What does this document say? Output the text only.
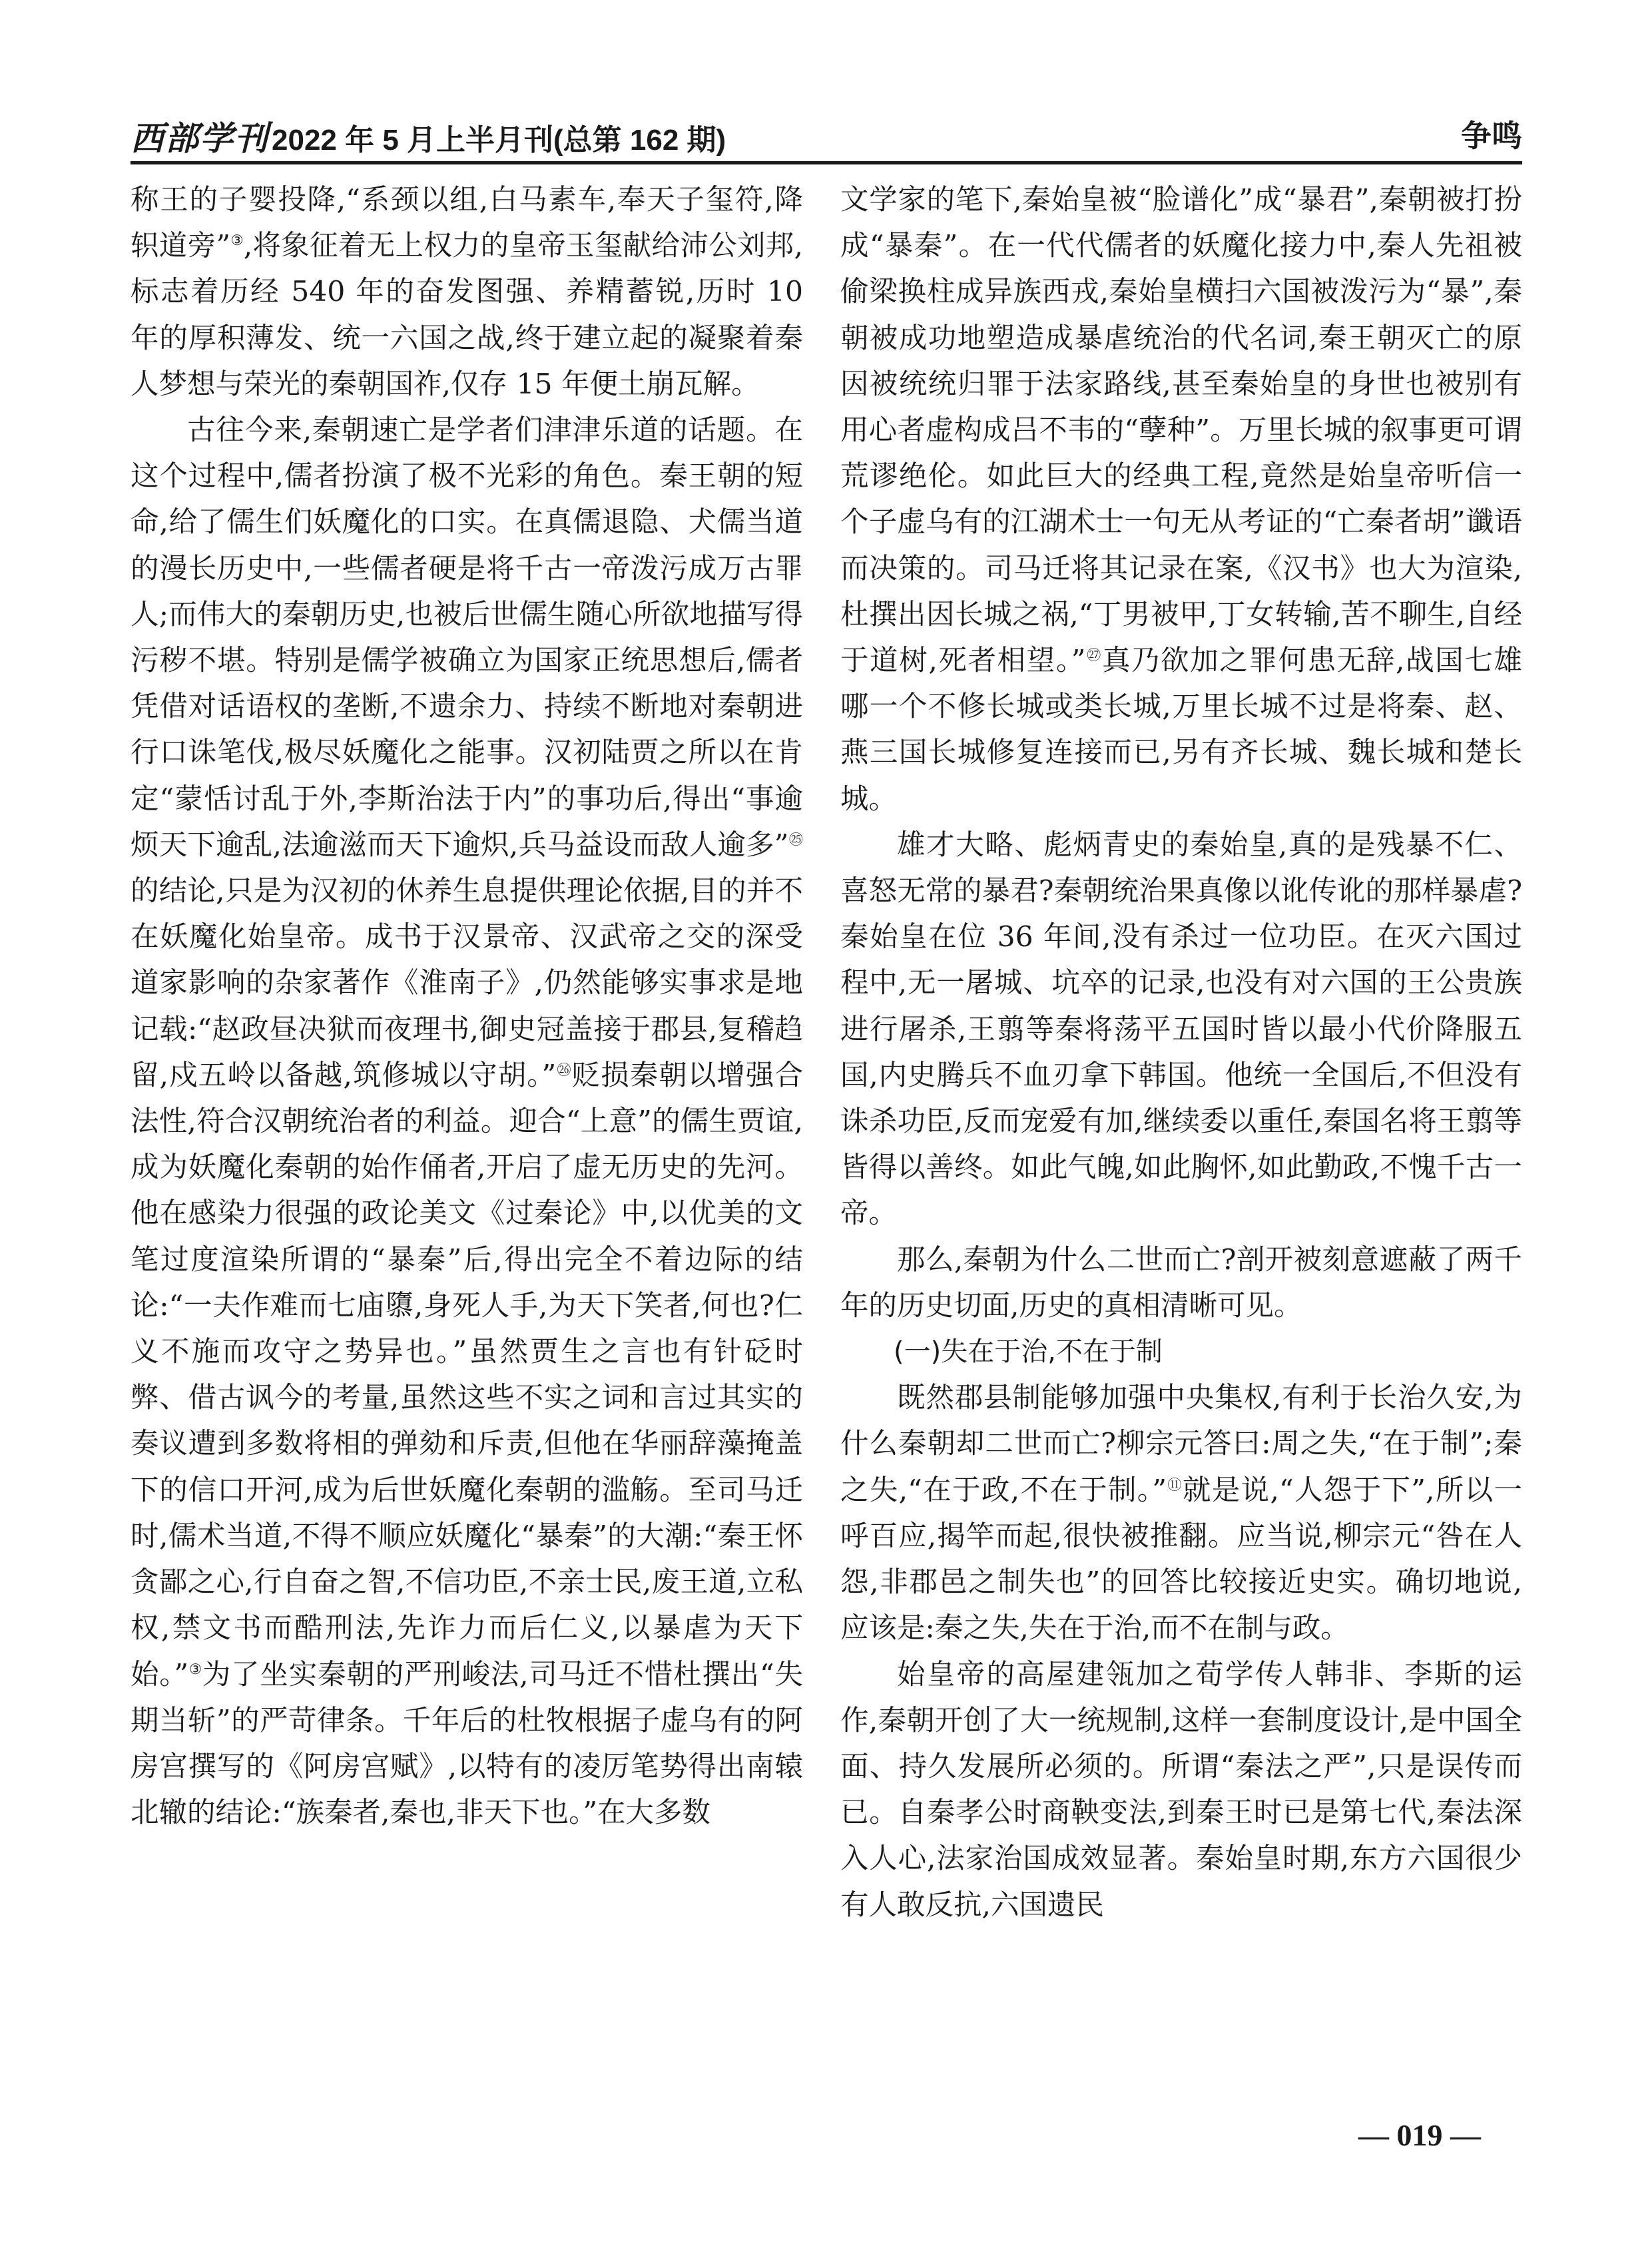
西部学刊 2022 年 5 月上半月刊(总第 162 期)	争鸣

称王的子婴投降,“系颈以组,白马素车,奉天子玺符,降轵道旁”③,将象征着无上权力的皇帝玉玺献给沛公刘邦,标志着历经 540 年的奋发图强、养精蓄锐,历时 10 年的厚积薄发、统一六国之战,终于建立起的凝聚着秦人梦想与荣光的秦朝国祚,仅存 15 年便土崩瓦解。

古往今来,秦朝速亡是学者们津津乐道的话题。在这个过程中,儒者扮演了极不光彩的角色。秦王朝的短命,给了儒生们妖魔化的口实。在真儒退隐、犬儒当道的漫长历史中,一些儒者硬是将千古一帝泼污成万古罪人;而伟大的秦朝历史,也被后世儒生随心所欲地描写得污秽不堪。特别是儒学被确立为国家正统思想后,儒者凭借对话语权的垄断,不遗余力、持续不断地对秦朝进行口诛笔伐,极尽妖魔化之能事。汉初陆贾之所以在肯定“蒙恬讨乱于外,李斯治法于内”的事功后,得出“事逾烦天下逾乱,法逾滋而天下逾炽,兵马益设而敌人逾多”$^㉕$的结论,只是为汉初的休养生息提供理论依据,目的并不在妖魔化始皇帝。成书于汉景帝、汉武帝之交的深受道家影响的杂家著作《淮南子》,仍然能够实事求是地记载:“赵政昼决狱而夜理书,御史冠盖接于郡县,复稽趋留,戍五岭以备越,筑修城以守胡。”$^㉖$贬损秦朝以增强合法性,符合汉朝统治者的利益。迎合“上意”的儒生贾谊,成为妖魔化秦朝的始作俑者,开启了虚无历史的先河。他在感染力很强的政论美文《过秦论》中,以优美的文笔过度渲染所谓的“暴秦”后,得出完全不着边际的结论:“一夫作难而七庙隳,身死人手,为天下笑者,何也?仁义不施而攻守之势异也。”虽然贾生之言也有针砭时弊、借古讽今的考量,虽然这些不实之词和言过其实的奏议遭到多数将相的弹劾和斥责,但他在华丽辞藻掩盖下的信口开河,成为后世妖魔化秦朝的滥觞。至司马迁时,儒术当道,不得不顺应妖魔化“暴秦”的大潮:“秦王怀贪鄙之心,行自奋之智,不信功臣,不亲士民,废王道,立私权,禁文书而酷刑法,先诈力而后仁义,以暴虐为天下始。”③为了坐实秦朝的严刑峻法,司马迁不惜杜撰出“失期当斩”的严苛律条。千年后的杜牧根据子虚乌有的阿房宫撰写的《阿房宫赋》,以特有的凌厉笔势得出南辕北辙的结论:“族秦者,秦也,非天下也。”在大多数

文学家的笔下,秦始皇被“脸谱化”成“暴君”,秦朝被打扮成“暴秦”。在一代代儒者的妖魔化接力中,秦人先祖被偷梁换柱成异族西戎,秦始皇横扫六国被泼污为“暴”,秦朝被成功地塑造成暴虐统治的代名词,秦王朝灭亡的原因被统统归罪于法家路线,甚至秦始皇的身世也被别有用心者虚构成吕不韦的“孽种”。万里长城的叙事更可谓荒谬绝伦。如此巨大的经典工程,竟然是始皇帝听信一个子虚乌有的江湖术士一句无从考证的“亡秦者胡”谶语而决策的。司马迁将其记录在案,《汉书》也大为渲染,杜撰出因长城之祸,“丁男被甲,丁女转输,苦不聊生,自经于道树,死者相望。”$^㉗$真乃欲加之罪何患无辞,战国七雄哪一个不修长城或类长城,万里长城不过是将秦、赵、燕三国长城修复连接而已,另有齐长城、魏长城和楚长城。

雄才大略、彪炳青史的秦始皇,真的是残暴不仁、喜怒无常的暴君?秦朝统治果真像以讹传讹的那样暴虐?秦始皇在位 36 年间,没有杀过一位功臣。在灭六国过程中,无一屠城、坑卒的记录,也没有对六国的王公贵族进行屠杀,王翦等秦将荡平五国时皆以最小代价降服五国,内史腾兵不血刃拿下韩国。他统一全国后,不但没有诛杀功臣,反而宠爱有加,继续委以重任,秦国名将王翦等皆得以善终。如此气魄,如此胸怀,如此勤政,不愧千古一帝。

那么,秦朝为什么二世而亡?剖开被刻意遮蔽了两千年的历史切面,历史的真相清晰可见。

(一)失在于治,不在于制

既然郡县制能够加强中央集权,有利于长治久安,为什么秦朝却二世而亡?柳宗元答曰:周之失,“在于制”;秦之失,“在于政,不在于制。”⑪就是说,“人怨于下”,所以一呼百应,揭竿而起,很快被推翻。应当说,柳宗元“咎在人怨,非郡邑之制失也”的回答比较接近史实。确切地说,应该是:秦之失,失在于治,而不在制与政。

始皇帝的高屋建瓴加之荀学传人韩非、李斯的运作,秦朝开创了大一统规制,这样一套制度设计,是中国全面、持久发展所必须的。所谓“秦法之严”,只是误传而已。自秦孝公时商鞅变法,到秦王时已是第七代,秦法深入人心,法家治国成效显著。秦始皇时期,东方六国很少有人敢反抗,六国遗民

— 019 —
